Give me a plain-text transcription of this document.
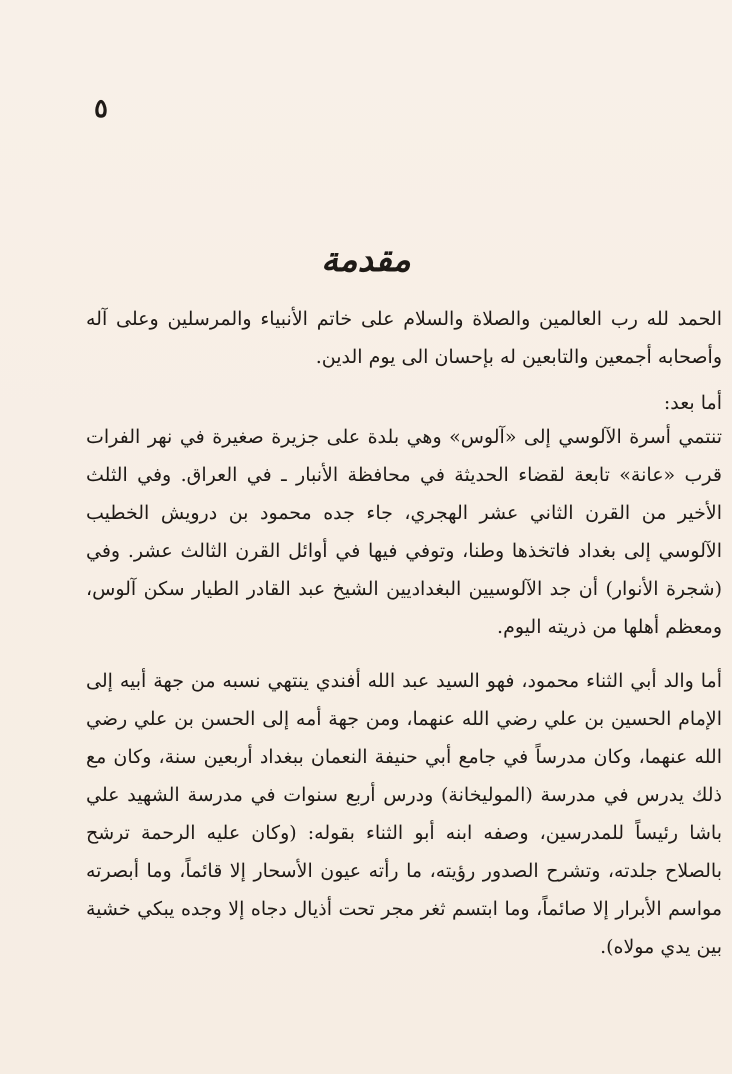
٥
مقدمة

الحمد لله رب العالمين والصلاة والسلام على خاتم الأنبياء والمرسلين وعلى آله وأصحابه أجمعين والتابعين له بإحسان الى يوم الدين.

أما بعد:

تنتمي أسرة الآلوسي إلى «آلوس» وهي بلدة على جزيرة صغيرة في نهر الفرات قرب «عانة» تابعة لقضاء الحديثة في محافظة الأنبار ـ في العراق. وفي الثلث الأخير من القرن الثاني عشر الهجري، جاء جده محمود بن درويش الخطيب الآلوسي إلى بغداد فاتخذها وطنا، وتوفي فيها في أوائل القرن الثالث عشر. وفي (شجرة الأنوار) أن جد الآلوسيين البغداديين الشيخ عبد القادر الطيار سكن آلوس، ومعظم أهلها من ذريته اليوم.

أما والد أبي الثناء محمود، فهو السيد عبد الله أفندي ينتهي نسبه من جهة أبيه إلى الإمام الحسين بن علي رضي الله عنهما، ومن جهة أمه إلى الحسن بن علي رضي الله عنهما، وكان مدرساً في جامع أبي حنيفة النعمان ببغداد أربعين سنة، وكان مع ذلك يدرس في مدرسة (الموليخانة) ودرس أربع سنوات في مدرسة الشهيد علي باشا رئيساً للمدرسين، وصفه ابنه أبو الثناء بقوله: (وكان عليه الرحمة ترشح بالصلاح جلدته، وتشرح الصدور رؤيته، ما رأته عيون الأسحار إلا قائماً، وما أبصرته مواسم الأبرار إلا صائماً، وما ابتسم ثغر مجر تحت أذيال دجاه إلا وجده يبكي خشية بين يدي مولاه).
